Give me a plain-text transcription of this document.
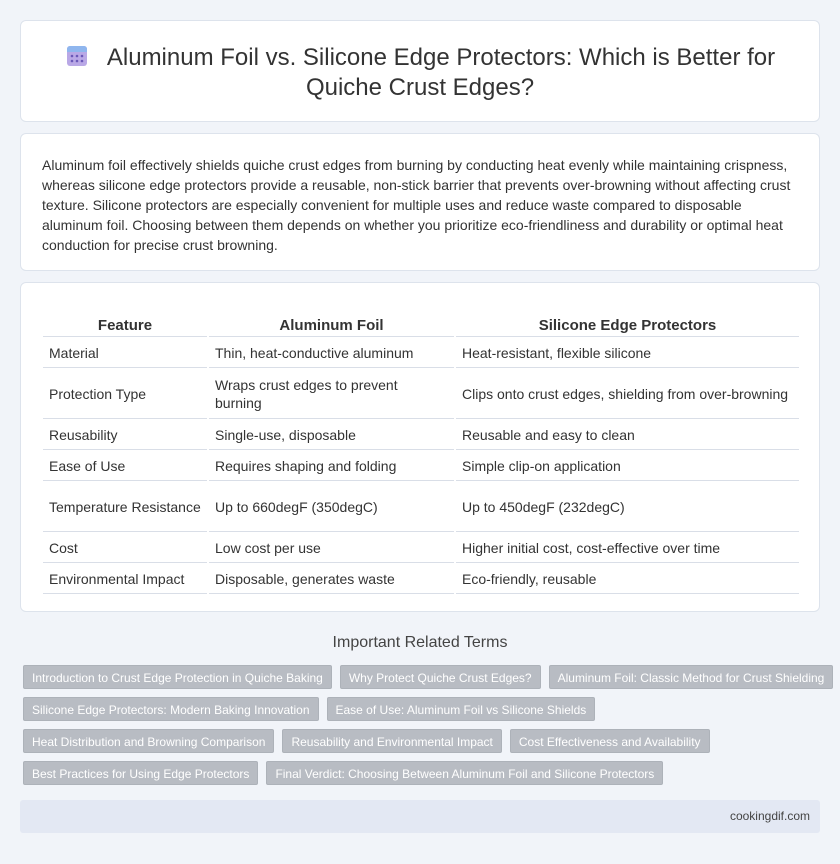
Aluminum Foil vs. Silicone Edge Protectors: Which is Better for
Quiche Crust Edges?

Aluminum foil effectively shields quiche crust edges from burning by conducting heat evenly while maintaining crispness, whereas silicone edge protectors provide a reusable, non-stick barrier that prevents over-browning without affecting crust texture. Silicone protectors are especially convenient for multiple uses and reduce waste compared to disposable aluminum foil. Choosing between them depends on whether you prioritize eco-friendliness and durability or optimal heat conduction for precise crust browning.

Feature	Aluminum Foil	Silicone Edge Protectors
Material	Thin, heat-conductive aluminum	Heat-resistant, flexible silicone
Protection Type	Wraps crust edges to prevent burning	Clips onto crust edges, shielding from over-browning
Reusability	Single-use, disposable	Reusable and easy to clean
Ease of Use	Requires shaping and folding	Simple clip-on application
Temperature Resistance	Up to 660degF (350degC)	Up to 450degF (232degC)
Cost	Low cost per use	Higher initial cost, cost-effective over time
Environmental Impact	Disposable, generates waste	Eco-friendly, reusable
Important Related Terms
Introduction to Crust Edge Protection in Quiche Baking	Why Protect Quiche Crust Edges?	Aluminum Foil: Classic Method for Crust Shielding
Silicone Edge Protectors: Modern Baking Innovation	Ease of Use: Aluminum Foil vs Silicone Shields
Heat Distribution and Browning Comparison	Reusability and Environmental Impact	Cost Effectiveness and Availability
Best Practices for Using Edge Protectors	Final Verdict: Choosing Between Aluminum Foil and Silicone Protectors
cookingdif.com
